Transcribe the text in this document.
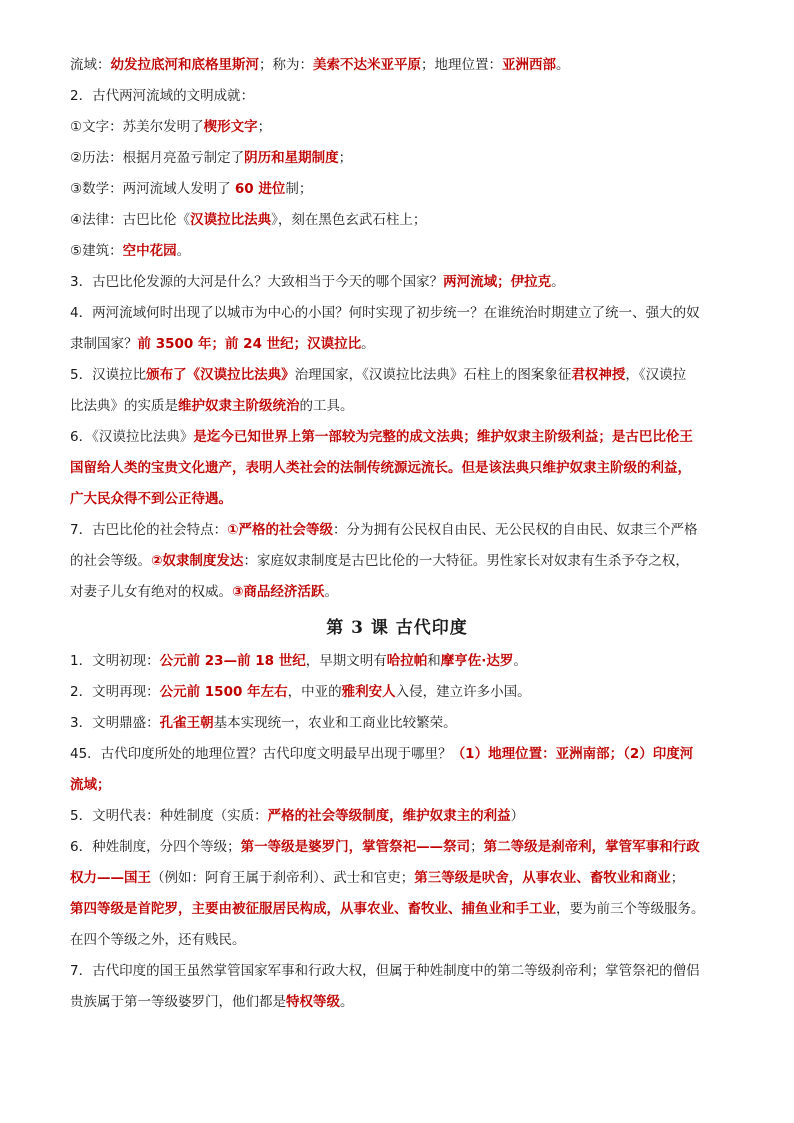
流域：幼发拉底河和底格里斯河；称为：美索不达米亚平原；地理位置：亚洲西部。
2．古代两河流域的文明成就：
①文字：苏美尔发明了楔形文字；
②历法：根据月亮盈亏制定了阴历和星期制度；
③数学：两河流域人发明了 60 进位制；
④法律：古巴比伦《汉谟拉比法典》，刻在黑色玄武石柱上；
⑤建筑：空中花园。
3．古巴比伦发源的大河是什么？大致相当于今天的哪个国家？两河流域；伊拉克。
4．两河流域何时出现了以城市为中心的小国？何时实现了初步统一？在谁统治时期建立了统一、强大的奴
隶制国家？前 3500 年；前 24 世纪；汉谟拉比。
5．汉谟拉比颁布了《汉谟拉比法典》治理国家，《汉谟拉比法典》石柱上的图案象征君权神授，《汉谟拉
比法典》的实质是维护奴隶主阶级统治的工具。
6．《汉谟拉比法典》是迄今已知世界上第一部较为完整的成文法典；维护奴隶主阶级利益；是古巴比伦王
国留给人类的宝贵文化遗产，表明人类社会的法制传统源远流长。但是该法典只维护奴隶主阶级的利益，
广大民众得不到公正待遇。
7．古巴比伦的社会特点：①严格的社会等级：分为拥有公民权自由民、无公民权的自由民、奴隶三个严格
的社会等级。②奴隶制度发达：家庭奴隶制度是古巴比伦的一大特征。男性家长对奴隶有生杀予夺之权，
对妻子儿女有绝对的权威。③商品经济活跃。
第 3 课 古代印度
1．文明初现：公元前 23—前 18 世纪，早期文明有哈拉帕和摩亨佐·达罗。
2．文明再现：公元前 1500 年左右，中亚的雅利安人入侵，建立许多小国。
3．文明鼎盛：孔雀王朝基本实现统一，农业和工商业比较繁荣。
45．古代印度所处的地理位置？古代印度文明最早出现于哪里？（1）地理位置：亚洲南部；（2）印度河
流域；
5．文明代表：种姓制度（实质：严格的社会等级制度，维护奴隶主的利益）
6．种姓制度，分四个等级；第一等级是婆罗门，掌管祭祀——祭司；第二等级是刹帝利，掌管军事和行政
权力——国王（例如：阿育王属于刹帝利）、武士和官吏；第三等级是吠舍，从事农业、畜牧业和商业；
第四等级是首陀罗，主要由被征服居民构成，从事农业、畜牧业、捕鱼业和手工业，要为前三个等级服务。
在四个等级之外，还有贱民。
7．古代印度的国王虽然掌管国家军事和行政大权，但属于种姓制度中的第二等级刹帝利；掌管祭祀的僧侣
贵族属于第一等级婆罗门，他们都是特权等级。
